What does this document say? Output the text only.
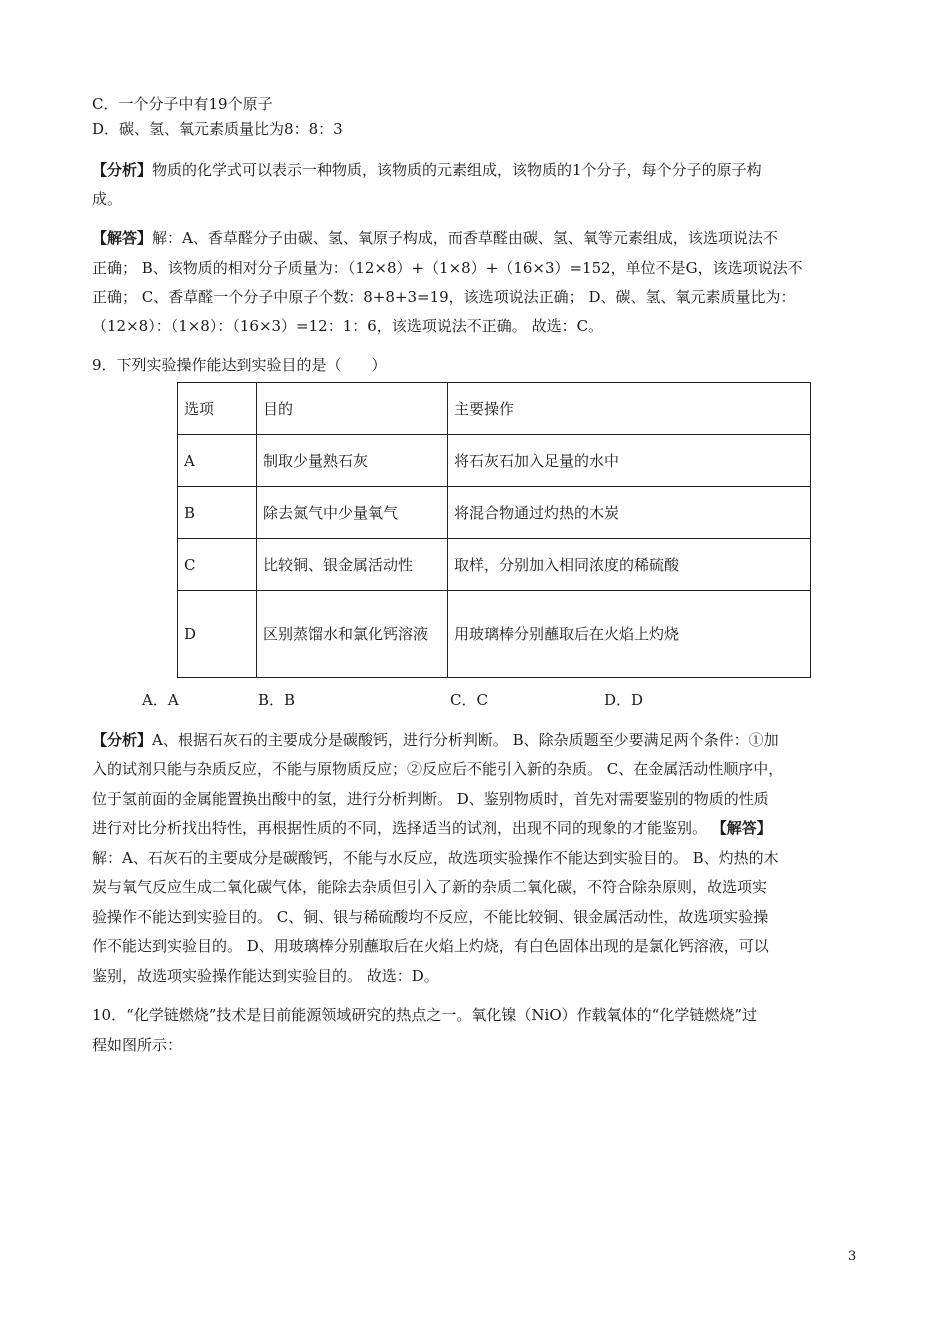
C．一个分子中有19个原子
D．碳、氢、氧元素质量比为8：8：3
【分析】物质的化学式可以表示一种物质，该物质的元素组成，该物质的1个分子，每个分子的原子构
成。
【解答】解：A、香草醛分子由碳、氢、氧原子构成，而香草醛由碳、氢、氧等元素组成，该选项说法不
正确； B、该物质的相对分子质量为：（12×8）+（1×8）+（16×3）=152，单位不是G，该选项说法不
正确； C、香草醛一个分子中原子个数：8+8+3=19，该选项说法正确； D、碳、氢、氧元素质量比为：
（12×8）：（1×8）：（16×3）=12：1：6，该选项说法不正确。 故选：C。
9．下列实验操作能达到实验目的是（　　）
选项	目的	主要操作
A	制取少量熟石灰	将石灰石加入足量的水中
B	除去氮气中少量氧气	将混合物通过灼热的木炭
C	比较铜、银金属活动性	取样，分别加入相同浓度的稀硫酸
D	区别蒸馏水和氯化钙溶液	用玻璃棒分别蘸取后在火焰上灼烧
A．A	B．B	C．C	D．D
【分析】A、根据石灰石的主要成分是碳酸钙，进行分析判断。 B、除杂质题至少要满足两个条件：①加
入的试剂只能与杂质反应，不能与原物质反应；②反应后不能引入新的杂质。 C、在金属活动性顺序中，
位于氢前面的金属能置换出酸中的氢，进行分析判断。 D、鉴别物质时，首先对需要鉴别的物质的性质
进行对比分析找出特性，再根据性质的不同，选择适当的试剂，出现不同的现象的才能鉴别。 【解答】
解：A、石灰石的主要成分是碳酸钙，不能与水反应，故选项实验操作不能达到实验目的。 B、灼热的木
炭与氧气反应生成二氧化碳气体，能除去杂质但引入了新的杂质二氧化碳，不符合除杂原则，故选项实
验操作不能达到实验目的。 C、铜、银与稀硫酸均不反应，不能比较铜、银金属活动性，故选项实验操
作不能达到实验目的。 D、用玻璃棒分别蘸取后在火焰上灼烧，有白色固体出现的是氯化钙溶液，可以
鉴别，故选项实验操作能达到实验目的。 故选：D。
10．“化学链燃烧”技术是目前能源领域研究的热点之一。氧化镍（NiO）作载氧体的“化学链燃烧”过
程如图所示：
3
